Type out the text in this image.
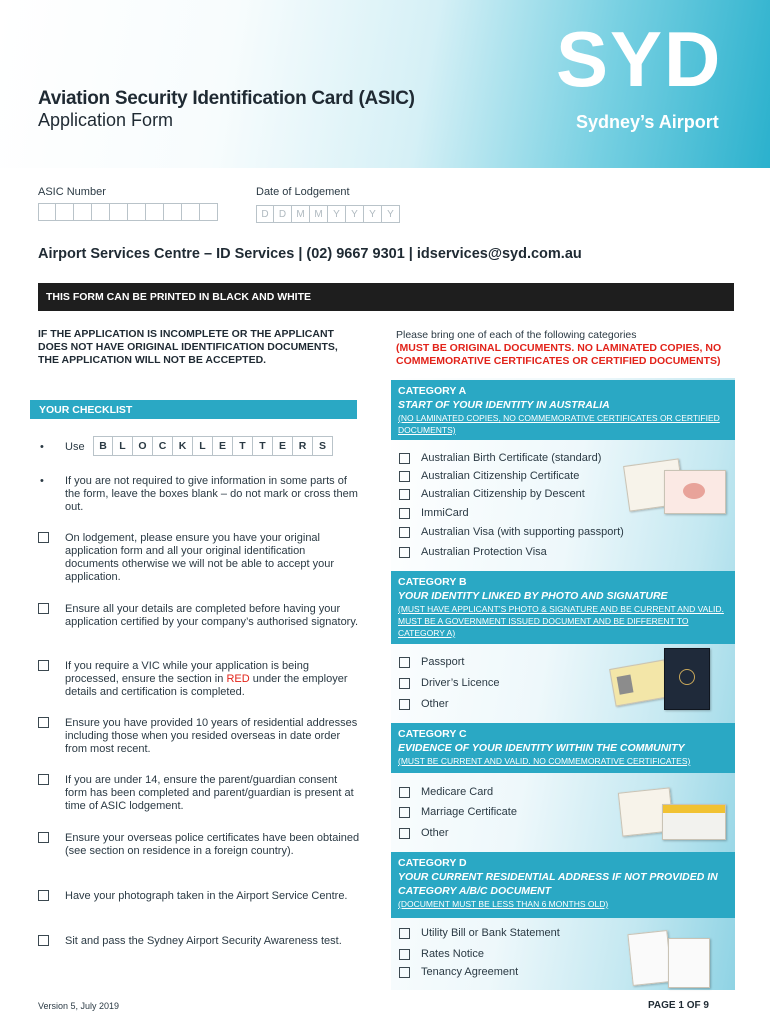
Aviation Security Identification Card (ASIC)
Application Form
SYD
Sydney’s Airport
ASIC Number	Date of Lodgement
D	D	M M	Y	Y	Y	Y
Airport Services Centre – ID Services | (02) 9667 9301 | idservices@syd.com.au
THIS FORM CAN BE PRINTED IN BLACK AND WHITE
IF THE APPLICATION IS INCOMPLETE OR THE APPLICANT DOES NOT HAVE ORIGINAL IDENTIFICATION DOCUMENTS, THE APPLICATION WILL NOT BE ACCEPTED.
YOUR CHECKLIST
• Use	B	L	O	C	K	L	E	T	T	E	R	S
• If you are not required to give information in some parts of the form, leave the boxes blank – do not mark or cross them out.
On lodgement, please ensure you have your original application form and all your original identification documents otherwise we will not be able to accept your application.
Ensure all your details are completed before having your application certified by your company’s authorised signatory.
If you require a VIC while your application is being processed, ensure the section in RED under the employer details and certification is completed.
Ensure you have provided 10 years of residential addresses including those when you resided overseas in date order from most recent.
If you are under 14, ensure the parent/guardian consent form has been completed and parent/guardian is present at time of ASIC lodgement.
Ensure your overseas police certificates have been obtained (see section on residence in a foreign country).
Have your photograph taken in the Airport Service Centre.
Sit and pass the Sydney Airport Security Awareness test.
Please bring one of each of the following categories
(MUST BE ORIGINAL DOCUMENTS. NO LAMINATED COPIES, NO COMMEMORATIVE CERTIFICATES OR CERTIFIED DOCUMENTS)
CATEGORY A
START OF YOUR IDENTITY IN AUSTRALIA
(NO LAMINATED COPIES, NO COMMEMORATIVE CERTIFICATES OR CERTIFIED DOCUMENTS)
Australian Birth Certificate (standard)
Australian Citizenship Certificate
Australian Citizenship by Descent
ImmiCard
Australian Visa (with supporting passport)
Australian Protection Visa
CATEGORY B
YOUR IDENTITY LINKED BY PHOTO AND SIGNATURE
(MUST HAVE APPLICANT’S PHOTO & SIGNATURE AND BE CURRENT AND VALID. MUST BE A GOVERNMENT ISSUED DOCUMENT AND BE DIFFERENT TO CATEGORY A)
Passport
Driver’s Licence
Other
CATEGORY C
EVIDENCE OF YOUR IDENTITY WITHIN THE COMMUNITY
(MUST BE CURRENT AND VALID. NO COMMEMORATIVE CERTIFICATES)
Medicare Card
Marriage Certificate
Other
CATEGORY D
YOUR CURRENT RESIDENTIAL ADDRESS IF NOT PROVIDED IN CATEGORY A/B/C DOCUMENT
(DOCUMENT MUST BE LESS THAN 6 MONTHS OLD)
Utility Bill or Bank Statement
Rates Notice
Tenancy Agreement
Version 5, July 2019	PAGE 1 OF 9
